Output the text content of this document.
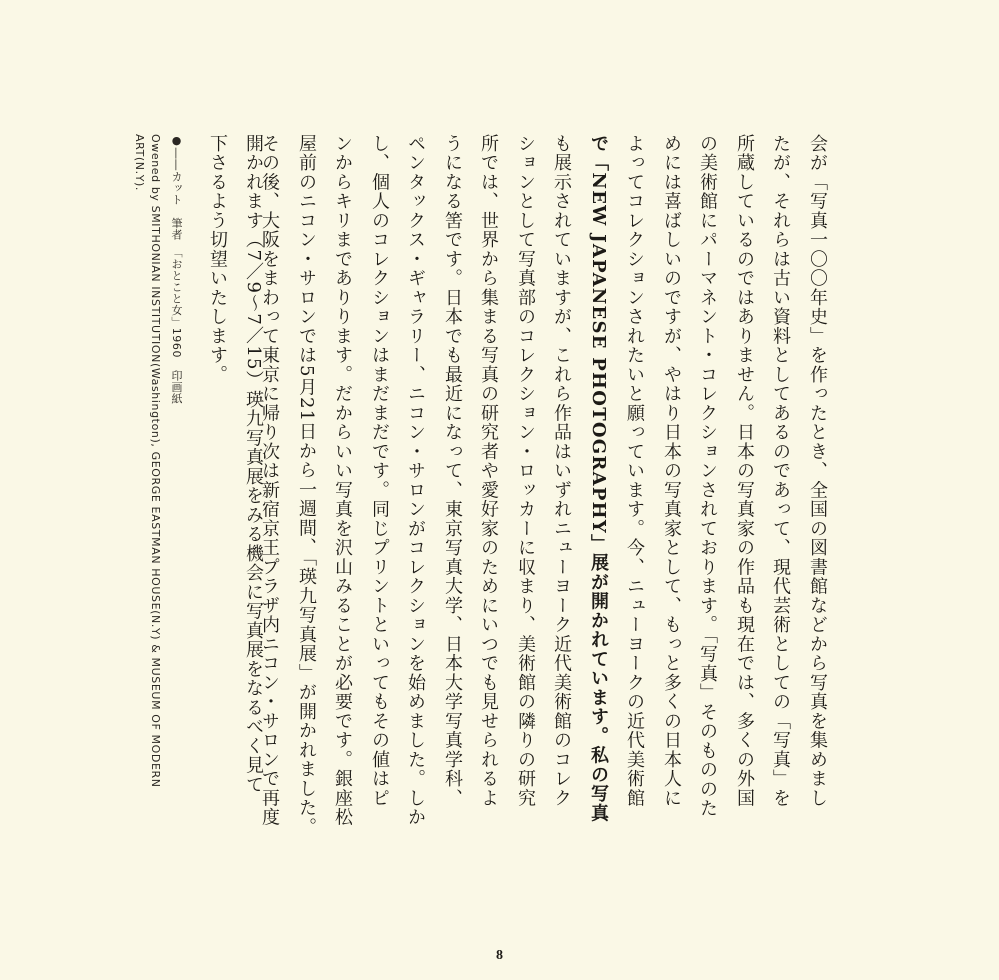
会が「写真一〇〇年史」を作ったとき、全国の図書館などから写真を集めまし
たが、それらは古い資料としてあるのであって、現代芸術としての「写真」を
所蔵しているのではありません。日本の写真家の作品も現在では、多くの外国
の美術館にパーマネント・コレクションされております。「写真」そのもののた
めには喜ばしいのですが、やはり日本の写真家として、もっと多くの日本人に
よってコレクションされたいと願っています。今、ニューヨークの近代美術館
で「NEW JAPANESE PHOTOGRAPHY」展が開かれています。私の写真
も展示されていますが、これら作品はいずれニューヨーク近代美術館のコレク
ションとして写真部のコレクション・ロッカーに収まり、美術館の隣りの研究
所では、世界から集まる写真の研究者や愛好家のためにいつでも見せられるよ
うになる筈です。日本でも最近になって、東京写真大学、日本大学写真学科、
ペンタックス・ギャラリー、ニコン・サロンがコレクションを始めました。しか
し、個人のコレクションはまだまだです。同じプリントといってもその値はピ
ンからキリまでありります。だからいい写真を沢山みることが必要です。銀座松
屋前のニコン・サロンでは5月21日から一週間、「瑛九写真展」が開かれました。
その後、大阪をまわって東京に帰り次は新宿京王プラザ内ニコン・サロンで再度
開かれます（7／9〜7／15）瑛九写真展をみる機会に写真展をなるべく見て
下さるよう切望いたします。
●――カット　筆者　「おとこと女」1960　印画紙
Owened by SMITHONIAN INSTITUTION(Washington), GEORGE EASTMAN HOUSE(N.Y) & MUSEUM OF MODERN
ART(N.Y).
8
